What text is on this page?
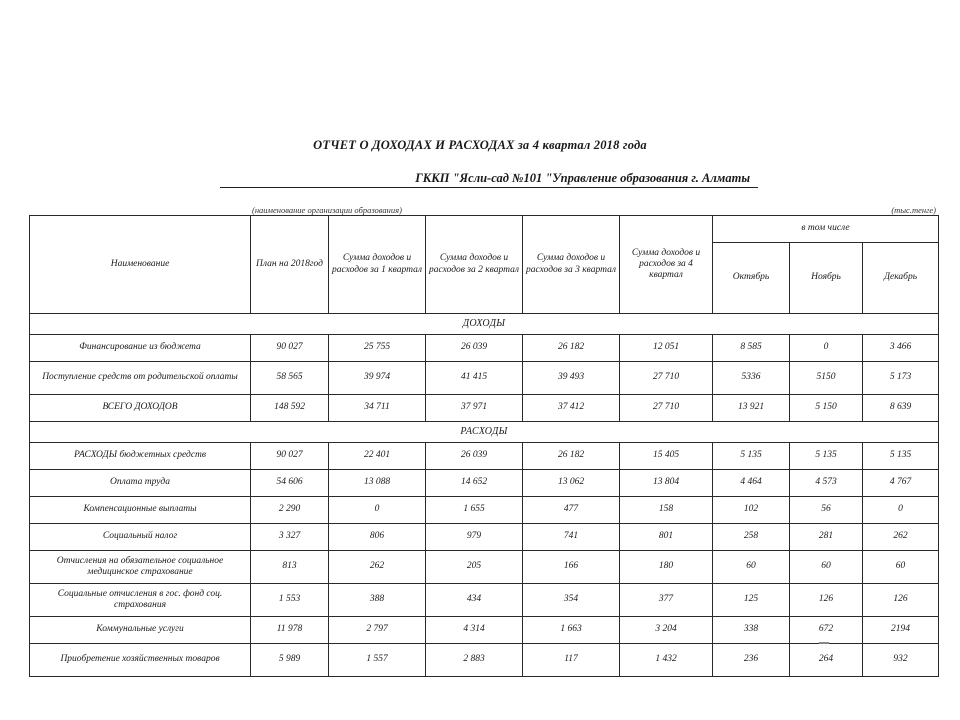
ОТЧЕТ О ДОХОДАХ И РАСХОДАХ за 4 квартал 2018 года
ГККП "Ясли-сад №101 "Управление образования г. Алматы
(наименование организации образования)	(тыс.тенге)
Наименование	План на 2018год	Сумма доходов и расходов за 1 квартал	Сумма доходов и расходов за 2 квартал	Сумма доходов и расходов за 3 квартал	Сумма доходов и расходов за 4 квартал	в том числе		
						Октябрь	Ноябрь	Декабрь
ДОХОДЫ								
Финансирование из бюджета	90 027	25 755	26 039	26 182	12 051	8 585	0	3 466
Поступление средств от родительской оплаты	58 565	39 974	41 415	39 493	27 710	5336	5150	5 173
ВСЕГО ДОХОДОВ	148 592	34 711	37 971	37 412	27 710	13 921	5 150	8 639
РАСХОДЫ								
РАСХОДЫ бюджетных средств	90 027	22 401	26 039	26 182	15 405	5 135	5 135	5 135
Оплата труда	54 606	13 088	14 652	13 062	13 804	4 464	4 573	4 767
Компенсационные выплаты	2 290	0	1 655	477	158	102	56	0
Социальный налог	3 327	806	979	741	801	258	281	262
Отчисления на обязательное социальное медицинское страхование	813	262	205	166	180	60	60	60
Социальные отчисления в гос. фонд соц. страхования	1 553	388	434	354	377	125	126	126
Коммунальные услуги	11 978	2 797	4 314	1 663	3 204	338	672	2194
Приобретение хозяйственных товаров	5 989	1 557	2 883	117	1 432	236	264	932
